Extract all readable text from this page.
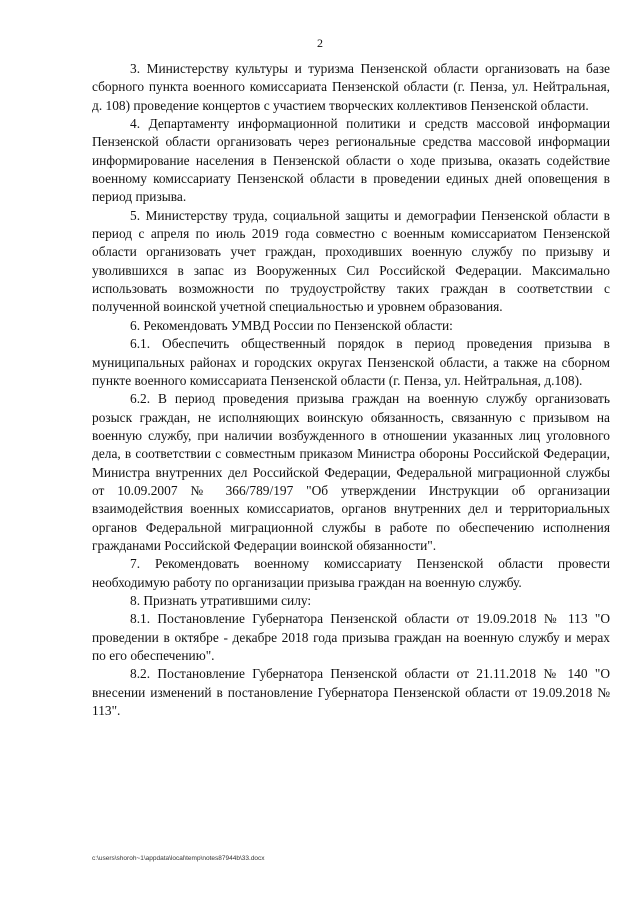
2

3. Министерству культуры и туризма Пензенской области организовать на базе сборного пункта военного комиссариата Пензенской области (г. Пенза, ул. Нейтральная, д. 108) проведение концертов с участием творческих коллективов Пензенской области.

4. Департаменту информационной политики и средств массовой информации Пензенской области организовать через региональные средства массовой информации информирование населения в Пензенской области о ходе призыва, оказать содействие военному комиссариату Пензенской области в проведении единых дней оповещения в период призыва.

5. Министерству труда, социальной защиты и демографии Пензенской области в период с апреля по июль 2019 года совместно с военным комиссариатом Пензенской области организовать учет граждан, проходивших военную службу по призыву и уволившихся в запас из Вооруженных Сил Российской Федерации. Максимально использовать возможности по трудоустройству таких граждан в соответствии с полученной воинской учетной специальностью и уровнем образования.

6. Рекомендовать УМВД России по Пензенской области:

6.1. Обеспечить общественный порядок в период проведения призыва в муниципальных районах и городских округах Пензенской области, а также на сборном пункте военного комиссариата Пензенской области (г. Пенза, ул. Нейтральная, д.108).

6.2. В период проведения призыва граждан на военную службу организовать розыск граждан, не исполняющих воинскую обязанность, связанную с призывом на военную службу, при наличии возбужденного в отношении указанных лиц уголовного дела, в соответствии с совместным приказом Министра обороны Российской Федерации, Министра внутренних дел Российской Федерации, Федеральной миграционной службы от 10.09.2007 № 366/789/197 "Об утверждении Инструкции об организации взаимодействия военных комиссариатов, органов внутренних дел и территориальных органов Федеральной миграционной службы в работе по обеспечению исполнения гражданами Российской Федерации воинской обязанности".

7. Рекомендовать военному комиссариату Пензенской области провести необходимую работу по организации призыва граждан на военную службу.

8. Признать утратившими силу:

8.1. Постановление Губернатора Пензенской области от 19.09.2018 № 113 "О проведении в октябре - декабре 2018 года призыва граждан на военную службу и мерах по его обеспечению".

8.2. Постановление Губернатора Пензенской области от 21.11.2018 № 140 "О внесении изменений в постановление Губернатора Пензенской области от 19.09.2018 № 113".

c:\users\shoroh~1\appdata\local\temp\notes87944b\33.docx
